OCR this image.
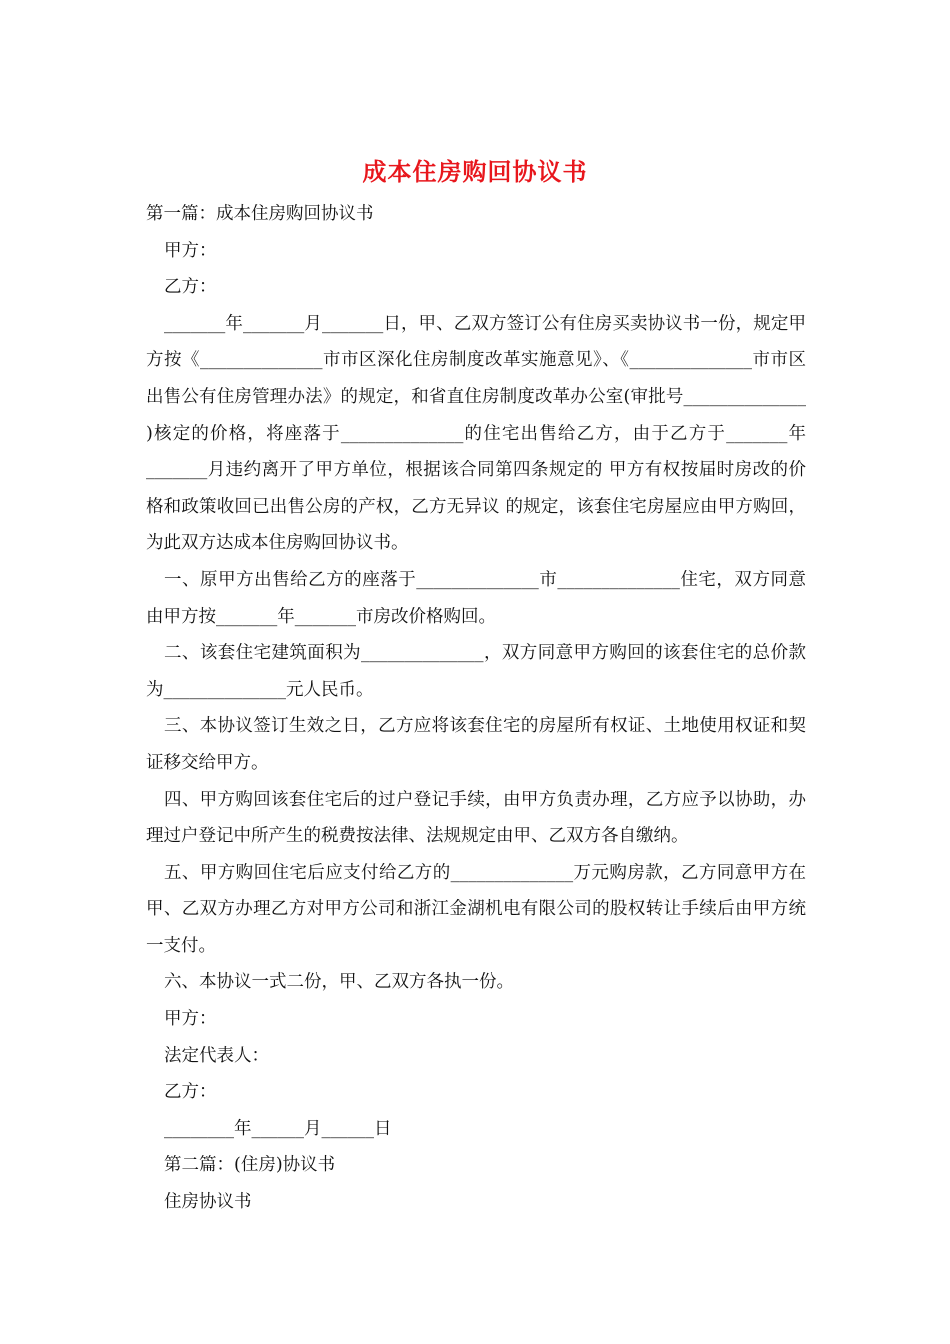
成本住房购回协议书

第一篇：成本住房购回协议书

甲方：

乙方：

_______年_______月_______日，甲、乙双方签订公有住房买卖协议书一份，规定甲方按《______________市市区深化住房制度改革实施意见》、《______________市市区出售公有住房管理办法》的规定，和省直住房制度改革办公室(审批号______________ )核定的价格，将座落于______________的住宅出售给乙方，由于乙方于_______年_______月违约离开了甲方单位，根据该合同第四条规定的 甲方有权按届时房改的价格和政策收回已出售公房的产权，乙方无异议 的规定，该套住宅房屋应由甲方购回，为此双方达成本住房购回协议书。

一、原甲方出售给乙方的座落于______________市______________住宅，双方同意由甲方按_______年_______市房改价格购回。

二、该套住宅建筑面积为______________，双方同意甲方购回的该套住宅的总价款为______________元人民币。

三、本协议签订生效之日，乙方应将该套住宅的房屋所有权证、土地使用权证和契证移交给甲方。

四、甲方购回该套住宅后的过户登记手续，由甲方负责办理，乙方应予以协助，办理过户登记中所产生的税费按法律、法规规定由甲、乙双方各自缴纳。

五、甲方购回住宅后应支付给乙方的______________万元购房款，乙方同意甲方在甲、乙双方办理乙方对甲方公司和浙江金湖机电有限公司的股权转让手续后由甲方统一支付。

六、本协议一式二份，甲、乙双方各执一份。

甲方：

法定代表人：

乙方：

________年______月______日

第二篇：(住房)协议书

住房协议书
